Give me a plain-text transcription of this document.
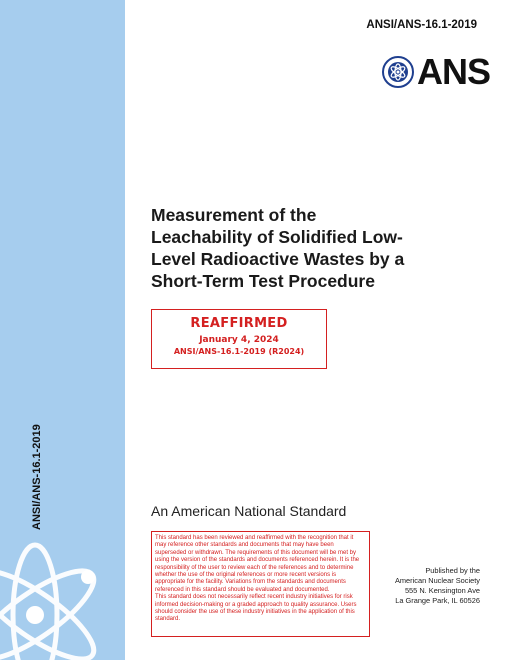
ANSI/ANS-16.1-2019
ANSI/ANS-16.1-2019
ANS
Measurement of the
Leachability of Solidified Low-
Level Radioactive Wastes by a
Short-Term Test Procedure
REAFFIRMED
January 4, 2024
ANSI/ANS-16.1-2019 (R2024)
An American National Standard
This standard has been reviewed and reaffirmed with the recognition that it
may reference other standards and documents that may have been
superseded or withdrawn. The requirements of this document will be met by
using the version of the standards and documents referenced herein. It is the
responsibility of the user to review each of the references and to determine
whether the use of the original references or more recent versions is
appropriate for the facility. Variations from the standards and documents
referenced in this standard should be evaluated and documented.
This standard does not necessarily reflect recent industry initiatives for risk
informed decision-making or a graded approach to quality assurance. Users
should consider the use of these industry initiatives in the application of this
standard.
Published by the
American Nuclear Society
555 N. Kensington Ave
La Grange Park, IL 60526
